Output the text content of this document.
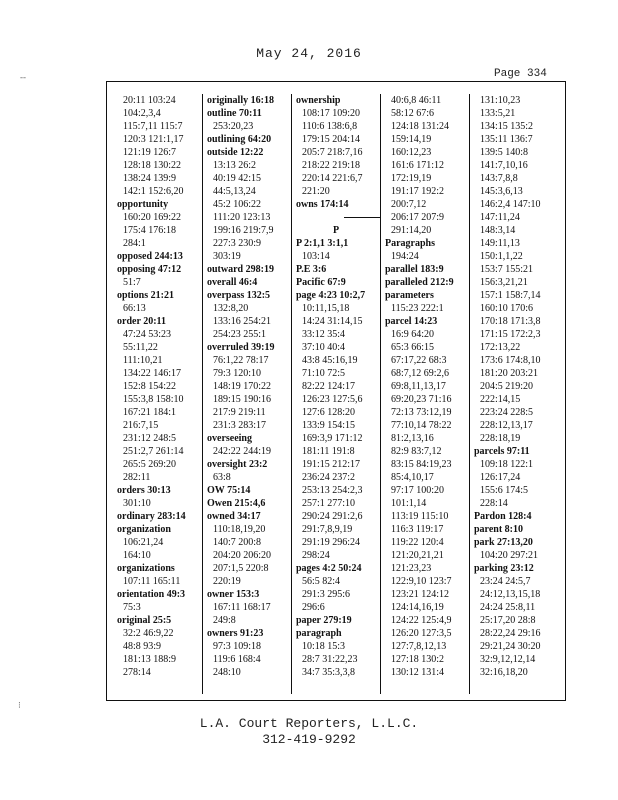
May 24, 2016
Page 334
‐‐
⁝
20:11 103:24
104:2,3,4
115:7,11 115:7
120:3 121:1,17
121:19 126:7
128:18 130:22
138:24 139:9
142:1 152:6,20
opportunity
160:20 169:22
175:4 176:18
284:1
opposed 244:13
opposing 47:12
51:7
options 21:21
66:13
order 20:11
47:24 53:23
55:11,22
111:10,21
134:22 146:17
152:8 154:22
155:3,8 158:10
167:21 184:1
216:7,15
231:12 248:5
251:2,7 261:14
265:5 269:20
282:11
orders 30:13
301:10
ordinary 283:14
organization
106:21,24
164:10
organizations
107:11 165:11
orientation 49:3
75:3
original 25:5
32:2 46:9,22
48:8 93:9
181:13 188:9
278:14
originally 16:18
outline 70:11
253:20,23
outlining 64:20
outside 12:22
13:13 26:2
40:19 42:15
44:5,13,24
45:2 106:22
111:20 123:13
199:16 219:7,9
227:3 230:9
303:19
outward 298:19
overall 46:4
overpass 132:5
132:8,20
133:16 254:21
254:23 255:1
overruled 39:19
76:1,22 78:17
79:3 120:10
148:19 170:22
189:15 190:16
217:9 219:11
231:3 283:17
overseeing
242:22 244:19
oversight 23:2
63:8
OW 75:14
Owen 215:4,6
owned 34:17
110:18,19,20
140:7 200:8
204:20 206:20
207:1,5 220:8
220:19
owner 153:3
167:11 168:17
249:8
owners 91:23
97:3 109:18
119:6 168:4
248:10
ownership
108:17 109:20
110:6 138:6,8
179:15 204:14
205:7 218:7,16
218:22 219:18
220:14 221:6,7
221:20
owns 174:14
P
P 2:1,1 3:1,1
103:14
P.E 3:6
Pacific 67:9
page 4:23 10:2,7
10:11,15,18
14:24 31:14,15
33:12 35:4
37:10 40:4
43:8 45:16,19
71:10 72:5
82:22 124:17
126:23 127:5,6
127:6 128:20
133:9 154:15
169:3,9 171:12
181:11 191:8
191:15 212:17
236:24 237:2
253:13 254:2,3
257:1 277:10
290:24 291:2,6
291:7,8,9,19
291:19 296:24
298:24
pages 4:2 50:24
56:5 82:4
291:3 295:6
296:6
paper 279:19
paragraph
10:18 15:3
28:7 31:22,23
34:7 35:3,3,8
40:6,8 46:11
58:12 67:6
124:18 131:24
159:14,19
160:12,23
161:6 171:12
172:19,19
191:17 192:2
200:7,12
206:17 207:9
291:14,20
Paragraphs
194:24
parallel 183:9
paralleled 212:9
parameters
115:23 222:1
parcel 14:23
16:9 64:20
65:3 66:15
67:17,22 68:3
68:7,12 69:2,6
69:8,11,13,17
69:20,23 71:16
72:13 73:12,19
77:10,14 78:22
81:2,13,16
82:9 83:7,12
83:15 84:19,23
85:4,10,17
97:17 100:20
101:1,14
113:19 115:10
116:3 119:17
119:22 120:4
121:20,21,21
121:23,23
122:9,10 123:7
123:21 124:12
124:14,16,19
124:22 125:4,9
126:20 127:3,5
127:7,8,12,13
127:18 130:2
130:12 131:4
131:10,23
133:5,21
134:15 135:2
135:11 136:7
139:5 140:8
141:7,10,16
143:7,8,8
145:3,6,13
146:2,4 147:10
147:11,24
148:3,14
149:11,13
150:1,1,22
153:7 155:21
156:3,21,21
157:1 158:7,14
160:10 170:6
170:18 171:3,8
171:15 172:2,3
172:13,22
173:6 174:8,10
181:20 203:21
204:5 219:20
222:14,15
223:24 228:5
228:12,13,17
228:18,19
parcels 97:11
109:18 122:1
126:17,24
155:6 174:5
228:14
Pardon 128:4
parent 8:10
park 27:13,20
104:20 297:21
parking 23:12
23:24 24:5,7
24:12,13,15,18
24:24 25:8,11
25:17,20 28:8
28:22,24 29:16
29:21,24 30:20
32:9,12,12,14
32:16,18,20
L.A. Court Reporters, L.L.C.
312-419-9292
